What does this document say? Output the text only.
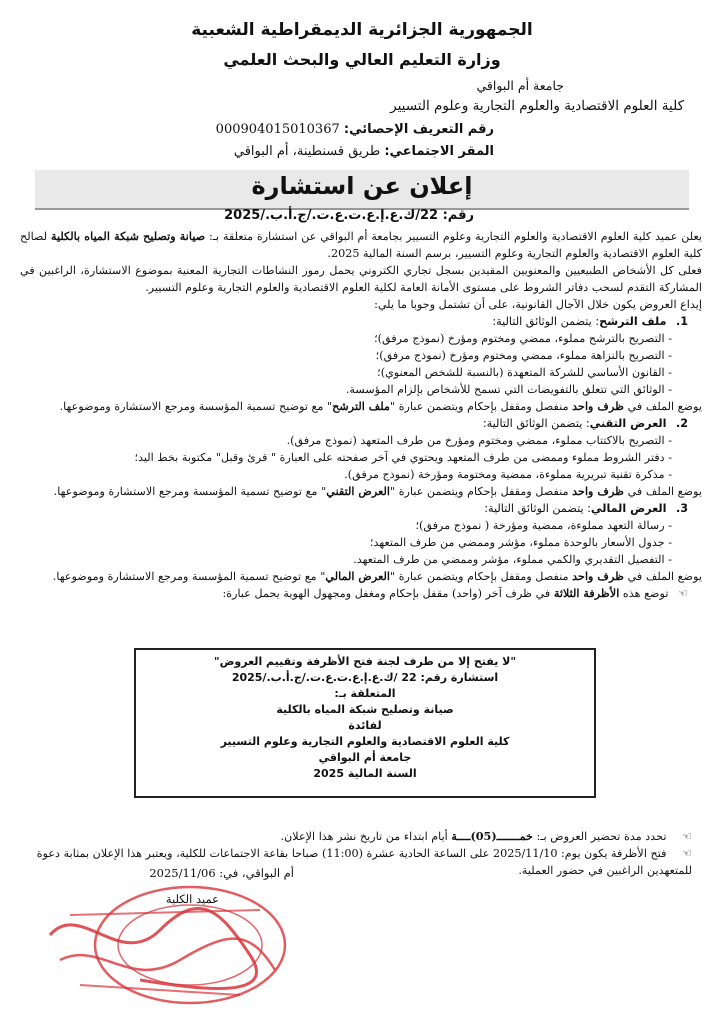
الجمهورية الجزائرية الديمقراطية الشعبية
وزارة التعليم العالي والبحث العلمي
جامعة أم البواقي
كلية العلوم الاقتصادية والعلوم التجارية وعلوم التسيير
رقم التعريف الإحصائي: 000904015010367
المقر الاجتماعي: طريق قسنطينة، أم البواقي
إعلان عن استشارة
رقم: 22/ك.ع.إ.ع.ت.ع.ت./ج.أ.ب./2025

يعلن عميد كلية العلوم الاقتصادية والعلوم التجارية وعلوم التسيير بجامعة أم البواقي عن استشارة متعلقة بـ: صيانة وتصليح شبكة المياه بالكلية لصالح كلية العلوم الاقتصادية والعلوم التجارية وعلوم التسيير، برسم السنة المالية 2025.

فعلى كل الأشخاص الطبيعيين والمعنويين المقيدين بسجل تجاري الكتروني يحمل رموز النشاطات التجارية المعنية بموضوع الاستشارة، الراغبين في المشاركة التقدم لسحب دفاتر الشروط على مستوى الأمانة العامة لكلية العلوم الاقتصادية والعلوم التجارية وعلوم التسيير.

إيداع العروض يكون خلال الآجال القانونية، على أن تشتمل وجوبا ما يلي:

1. ملف الترشح: يتضمن الوثائق التالية:
- التصريح بالترشح مملوء، ممضي ومختوم ومؤرخ (نموذج مرفق)؛
- التصريح بالنزاهة مملوء، ممضي ومختوم ومؤرخ (نموذج مرفق)؛
- القانون الأساسي للشركة المتعهدة (بالنسبة للشخص المعنوي)؛
- الوثائق التي تتعلق بالتفويضات التي تسمح للأشخاص بإلزام المؤسسة.

يوضع الملف في ظرف واحد منفصل ومقفل بإحكام ويتضمن عبارة "ملف الترشح" مع توضيح تسمية المؤسسة ومرجع الاستشارة وموضوعها.

2. العرض التقني: يتضمن الوثائق التالية:
- التصريح بالاكتتاب مملوء، ممضي ومختوم ومؤرخ من طرف المتعهد (نموذج مرفق).
- دفتر الشروط مملوء وممضى من طرف المتعهد ويحتوي في آخر صفحته على العبارة " قرئ وقبل" مكتوبة بخط اليد؛
- مذكرة تقنية تبريرية مملوءة، ممضية ومختومة ومؤرخة (نموذج مرفق).

يوضع الملف في ظرف واحد منفصل ومقفل بإحكام ويتضمن عبارة "العرض التقني" مع توضيح تسمية المؤسسة ومرجع الاستشارة وموضوعها.

3. العرض المالي: يتضمن الوثائق التالية:
- رسالة التعهد مملوءة، ممضية ومؤرخة ( نموذج مرفق)؛
- جدول الأسعار بالوحدة مملوء، مؤشر وممضي من طرف المتعهد؛
- التفصيل التقديري والكمي مملوء، مؤشر وممضي من طرف المتعهد.

يوضع الملف في ظرف واحد منفصل ومقفل بإحكام ويتضمن عبارة "العرض المالي" مع توضيح تسمية المؤسسة ومرجع الاستشارة وموضوعها.

☜ توضع هذه الأظرفة الثلاثة في ظرف آخر (واحد) مقفل بإحكام ومغفل ومجهول الهوية يحمل عبارة:

"لا يفتح إلا من طرف لجنة فتح الأظرفة وتقييم العروض"
استشارة رقم: 22 /ك.ع.إ.ع.ت.ع.ت./ج.أ.ب./2025
المتعلقة بـ:
صيانة وتصليح شبكة المياه بالكلية
لفائدة
كلية العلوم الاقتصادية والعلوم التجارية وعلوم التسيير
جامعة أم البواقي
السنة المالية 2025
☜ تحدد مدة تحضير العروض بـ: خمـــــــ(05)ــــة أيام ابتداء من تاريخ نشر هذا الإعلان.
☜ فتح الأظرفة يكون يوم: 2025/11/10 على الساعة الحادية عشرة (11:00) صباحا بقاعة الاجتماعات للكلية، ويعتبر هذا الإعلان بمثابة دعوة للمتعهدين الراغبين في حضور العملية.
أم البواقي، في: 2025/11/06
عميد الكلية
